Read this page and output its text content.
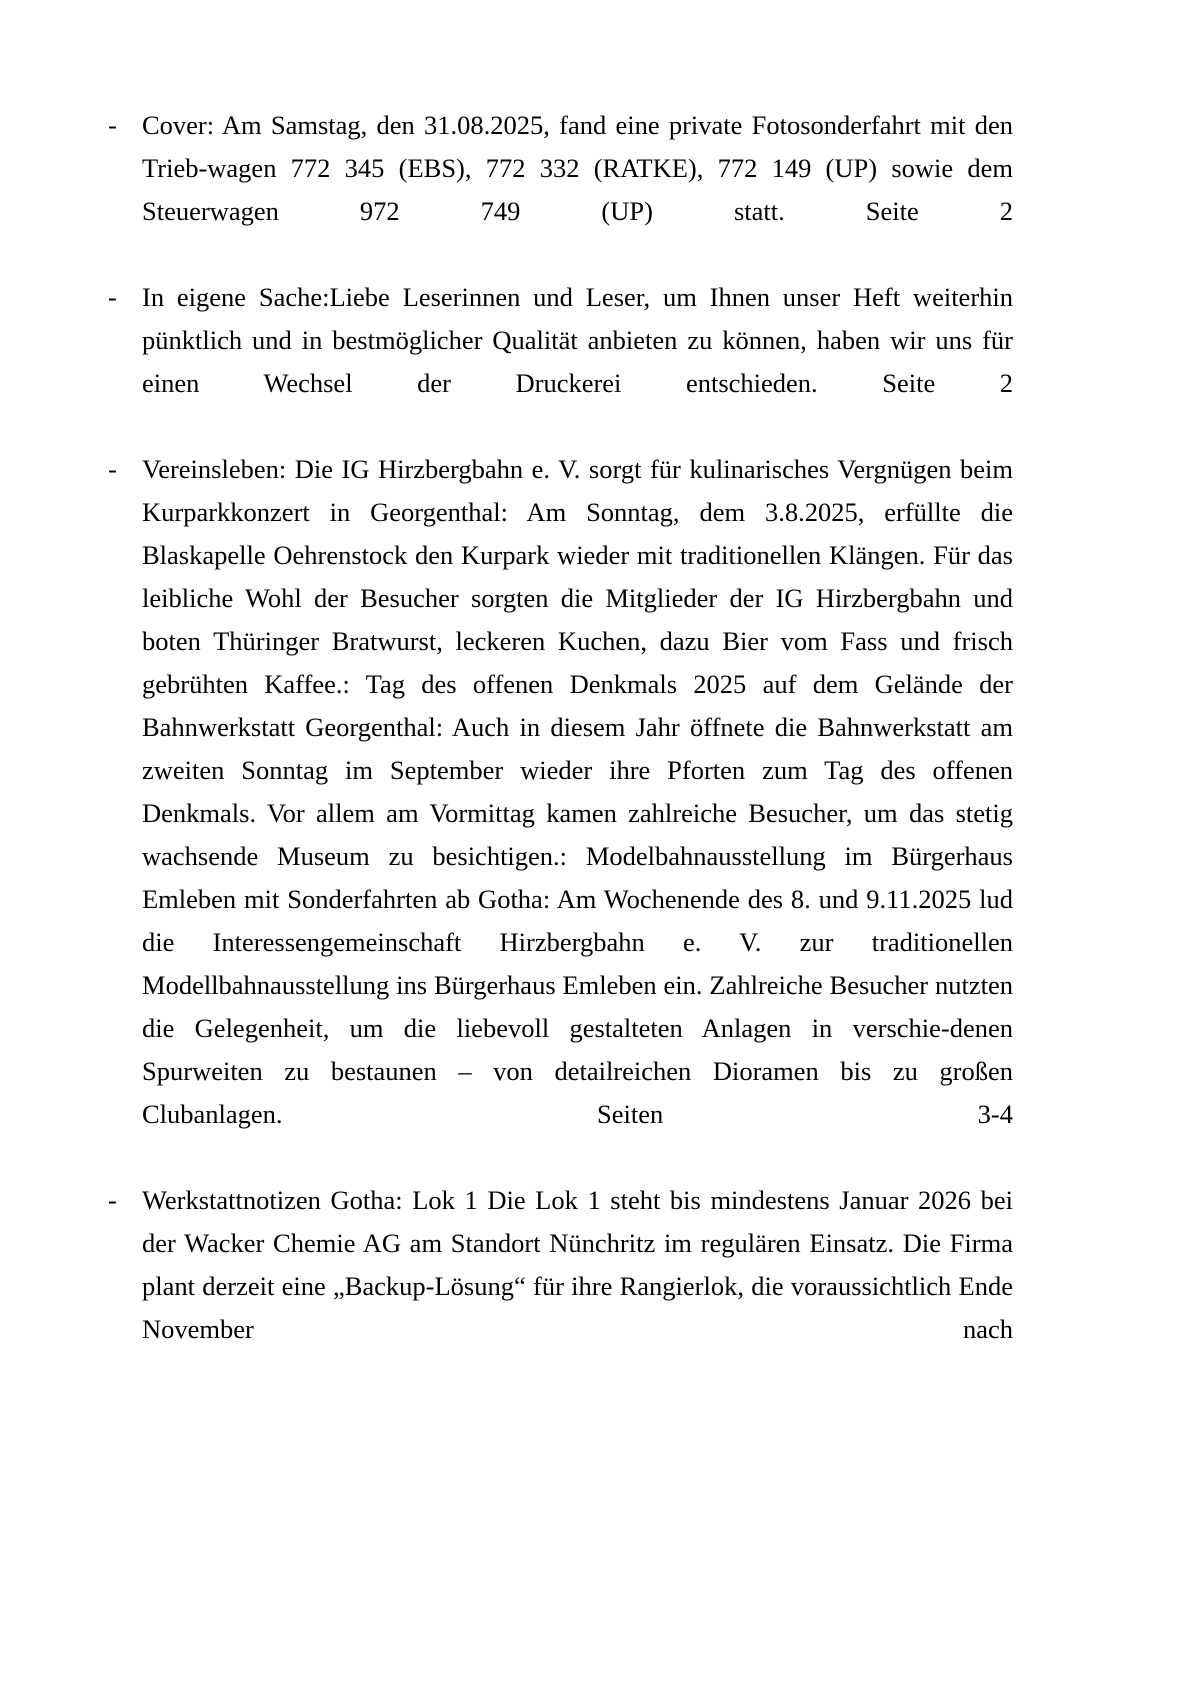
- Cover: Am Samstag, den 31.08.2025, fand eine private Fotosonderfahrt mit den Trieb-wagen 772 345 (EBS), 772 332 (RATKE), 772 149 (UP) sowie dem Steuerwagen 972 749 (UP) statt. Seite 2
- In eigene Sache:Liebe Leserinnen und Leser, um Ihnen unser Heft weiterhin pünktlich und in bestmöglicher Qualität anbieten zu können, haben wir uns für einen Wechsel der Druckerei entschieden. Seite 2
- Vereinsleben: Die IG Hirzbergbahn e. V. sorgt für kulinarisches Vergnügen beim Kurparkkonzert in Georgenthal: Am Sonntag, dem 3.8.2025, erfüllte die Blaskapelle Oehrenstock den Kurpark wieder mit traditionellen Klängen. Für das leibliche Wohl der Besucher sorgten die Mitglieder der IG Hirzbergbahn und boten Thüringer Bratwurst, leckeren Kuchen, dazu Bier vom Fass und frisch gebrühten Kaffee.: Tag des offenen Denkmals 2025 auf dem Gelände der Bahnwerkstatt Georgenthal: Auch in diesem Jahr öffnete die Bahnwerkstatt am zweiten Sonntag im September wieder ihre Pforten zum Tag des offenen Denkmals. Vor allem am Vormittag kamen zahlreiche Besucher, um das stetig wachsende Museum zu besichtigen.: Modelbahnausstellung im Bürgerhaus Emleben mit Sonderfahrten ab Gotha: Am Wochenende des 8. und 9.11.2025 lud die Interessengemeinschaft Hirzbergbahn e. V. zur traditionellen Modellbahnausstellung ins Bürgerhaus Emleben ein. Zahlreiche Besucher nutzten die Gelegenheit, um die liebevoll gestalteten Anlagen in verschie-denen Spurweiten zu bestaunen – von detailreichen Dioramen bis zu großen Clubanlagen. Seiten 3-4
- Werkstattnotizen Gotha: Lok 1 Die Lok 1 steht bis mindestens Januar 2026 bei der Wacker Chemie AG am Standort Nünchritz im regulären Einsatz. Die Firma plant derzeit eine „Backup-Lösung“ für ihre Rangierlok, die voraussichtlich Ende November nach
